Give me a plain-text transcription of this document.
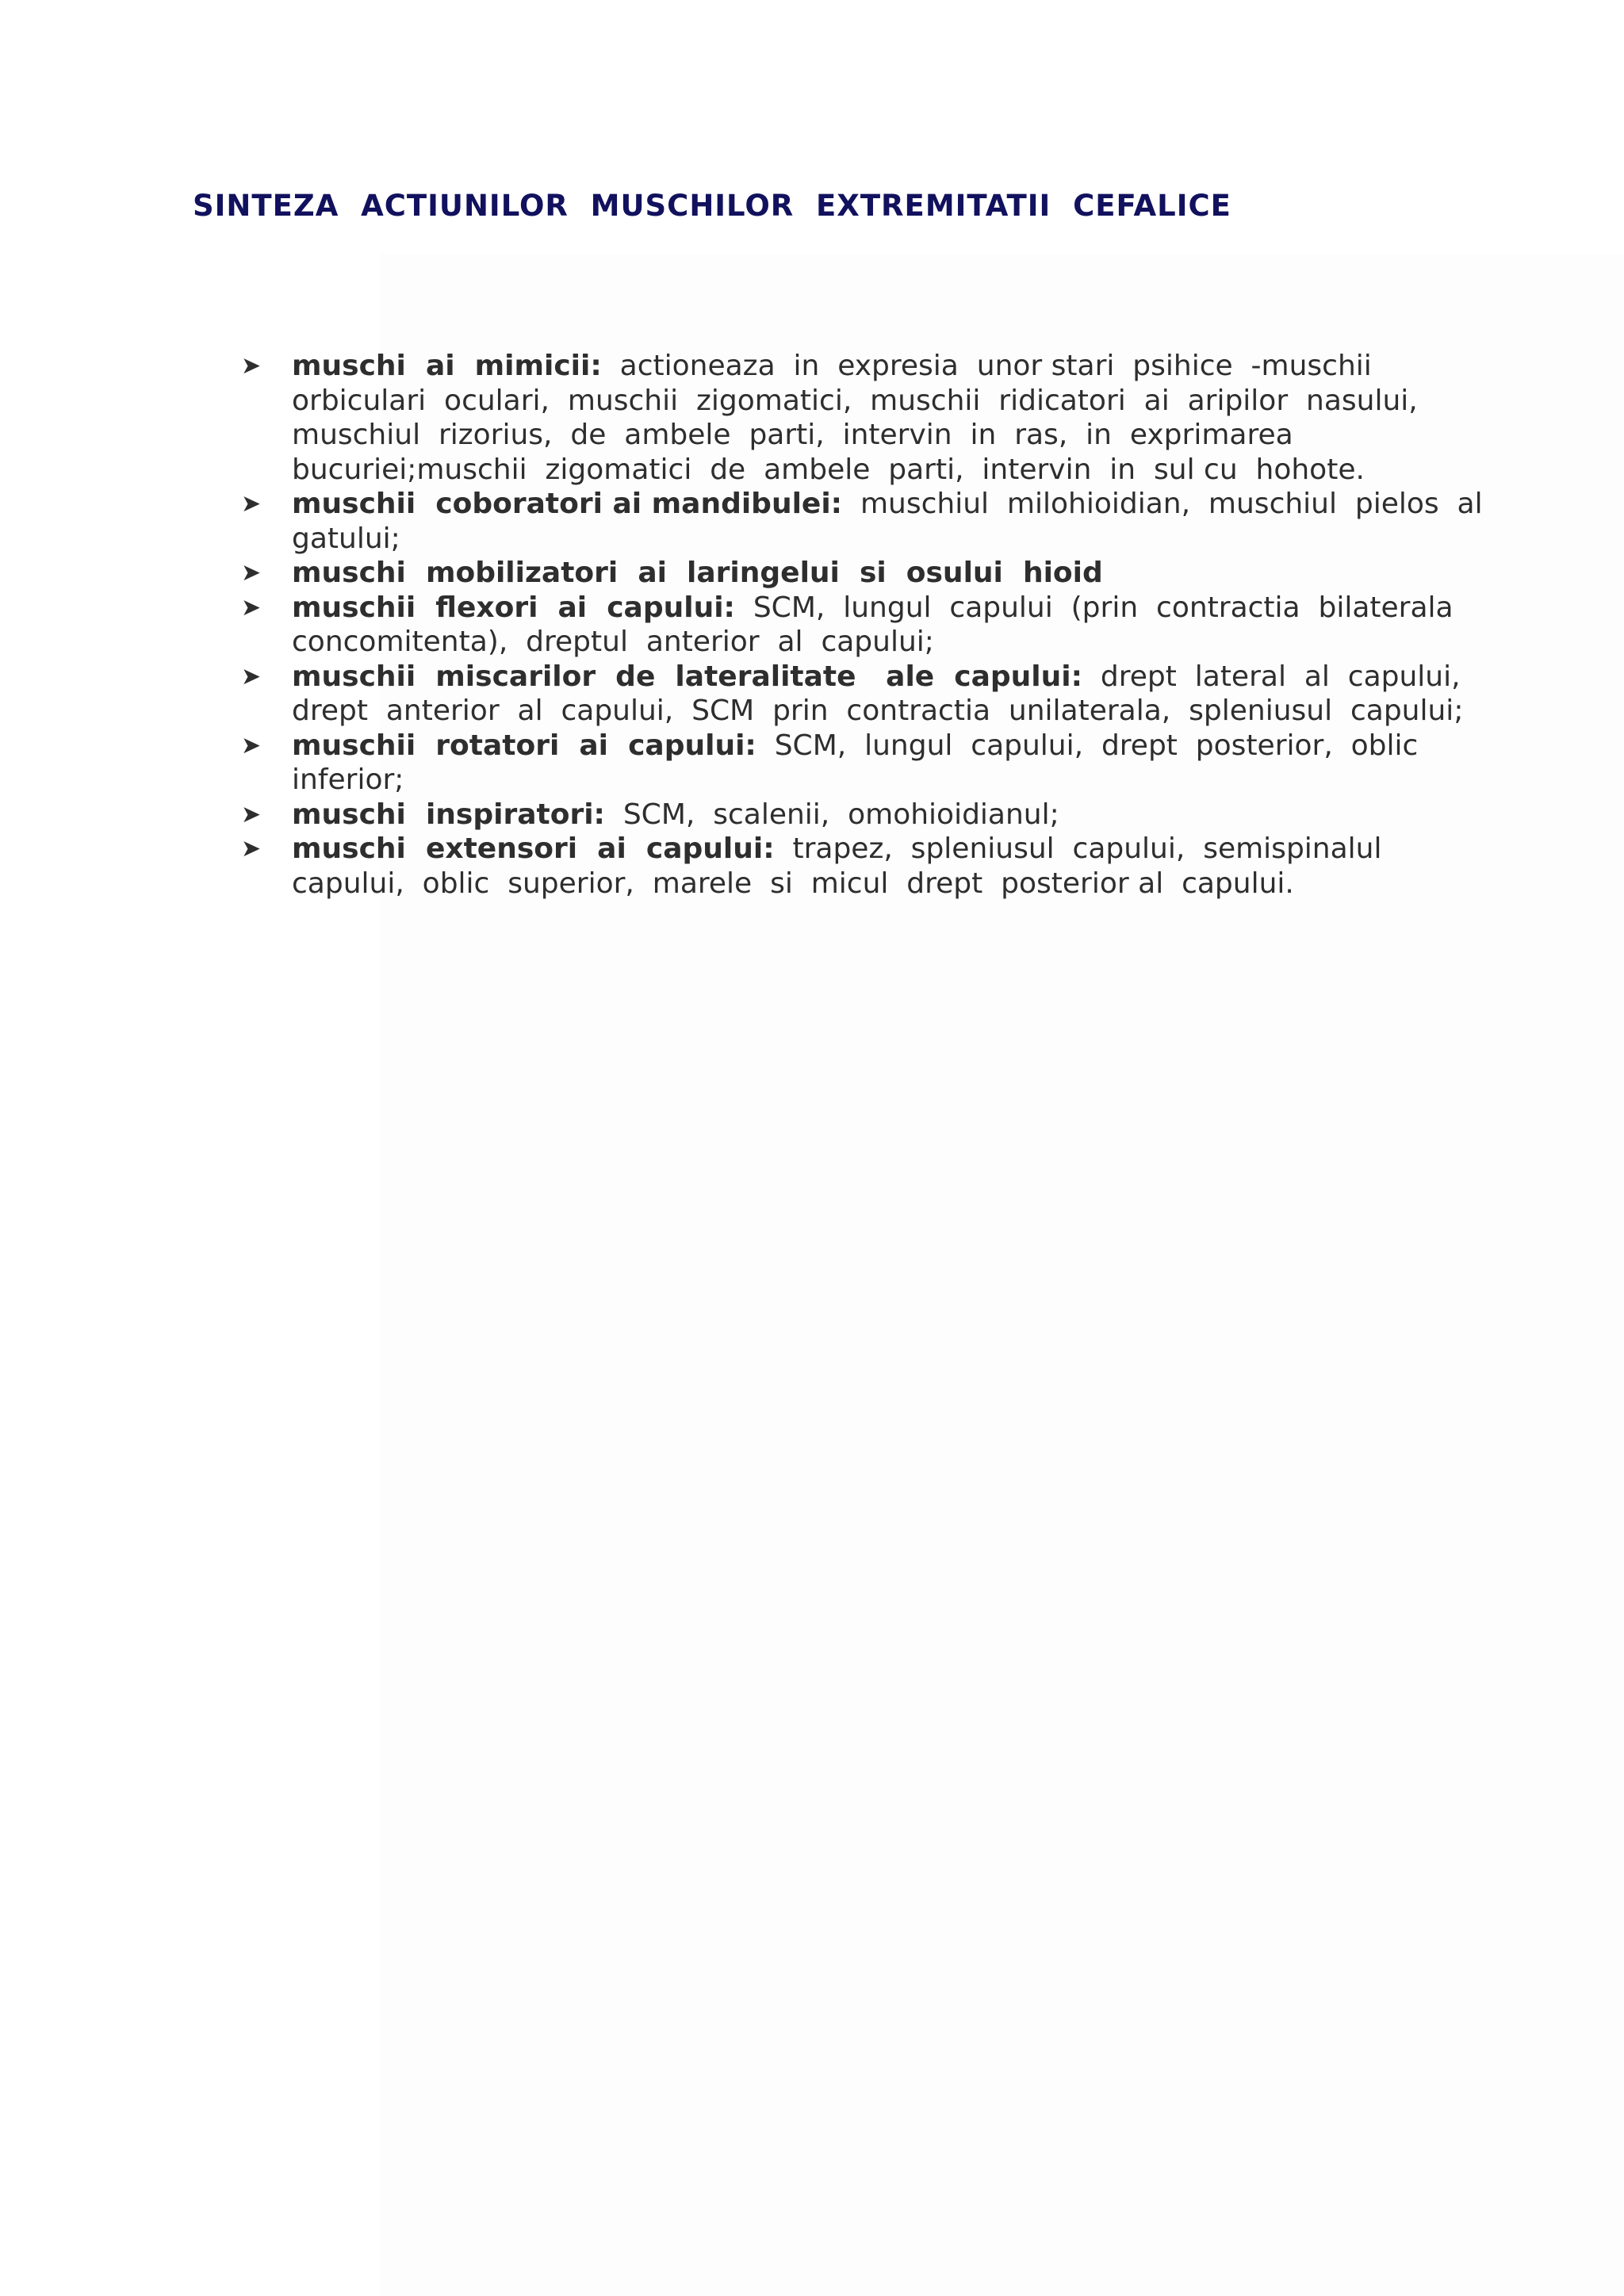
SINTEZA  ACTIUNILOR  MUSCHILOR  EXTREMITATII  CEFALICE
➤	muschi  ai  mimicii:  actioneaza  in  expresia  unor stari  psihice  -muschii
orbiculari  oculari,  muschii  zigomatici,  muschii  ridicatori  ai  aripilor  nasului,
muschiul  rizorius,  de  ambele  parti,  intervin  in  ras,  in  exprimarea
bucuriei;muschii  zigomatici  de  ambele  parti,  intervin  in  sul cu  hohote.
➤	muschii  coboratori ai mandibulei:  muschiul  milohioidian,  muschiul  pielos  al
gatului;
➤	muschi  mobilizatori  ai  laringelui  si  osului  hioid
➤	muschii  flexori  ai  capului:  SCM,  lungul  capului  (prin  contractia  bilaterala
concomitenta),  dreptul  anterior  al  capului;
➤	muschii  miscarilor  de  lateralitate   ale  capului:  drept  lateral  al  capului,
drept  anterior  al  capului,  SCM  prin  contractia  unilaterala,  spleniusul  capului;
➤	muschii  rotatori  ai  capului:  SCM,  lungul  capului,  drept  posterior,  oblic
inferior;
➤	muschi  inspiratori:  SCM,  scalenii,  omohioidianul;
➤	muschi  extensori  ai  capului:  trapez,  spleniusul  capului,  semispinalul
capului,  oblic  superior,  marele  si  micul  drept  posterior al  capului.
